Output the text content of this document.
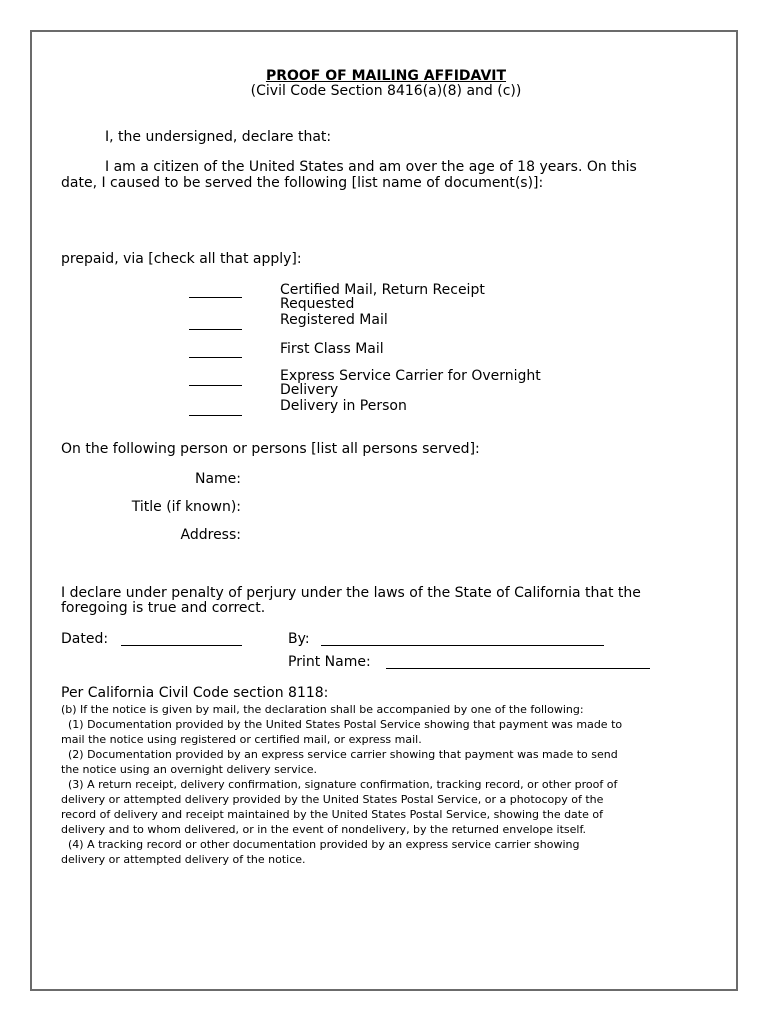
PROOF OF MAILING AFFIDAVIT
(Civil Code Section 8416(a)(8) and (c))
I, the undersigned, declare that:
I am a citizen of the United States and am over the age of 18 years. On this
date, I caused to be served the following [list name of document(s)]:
prepaid, via [check all that apply]:
Certified Mail, Return Receipt
Requested
Registered Mail
First Class Mail
Express Service Carrier for Overnight
Delivery
Delivery in Person
On the following person or persons [list all persons served]:
Name:
Title (if known):
Address:
I declare under penalty of perjury under the laws of the State of California that the
foregoing is true and correct.
Dated:	By:
Print Name:
Per California Civil Code section 8118:
(b) If the notice is given by mail, the declaration shall be accompanied by one of the following:
(1) Documentation provided by the United States Postal Service showing that payment was made to
mail the notice using registered or certified mail, or express mail.
(2) Documentation provided by an express service carrier showing that payment was made to send
the notice using an overnight delivery service.
(3) A return receipt, delivery confirmation, signature confirmation, tracking record, or other proof of
delivery or attempted delivery provided by the United States Postal Service, or a photocopy of the
record of delivery and receipt maintained by the United States Postal Service, showing the date of
delivery and to whom delivered, or in the event of nondelivery, by the returned envelope itself.
(4) A tracking record or other documentation provided by an express service carrier showing
delivery or attempted delivery of the notice.
